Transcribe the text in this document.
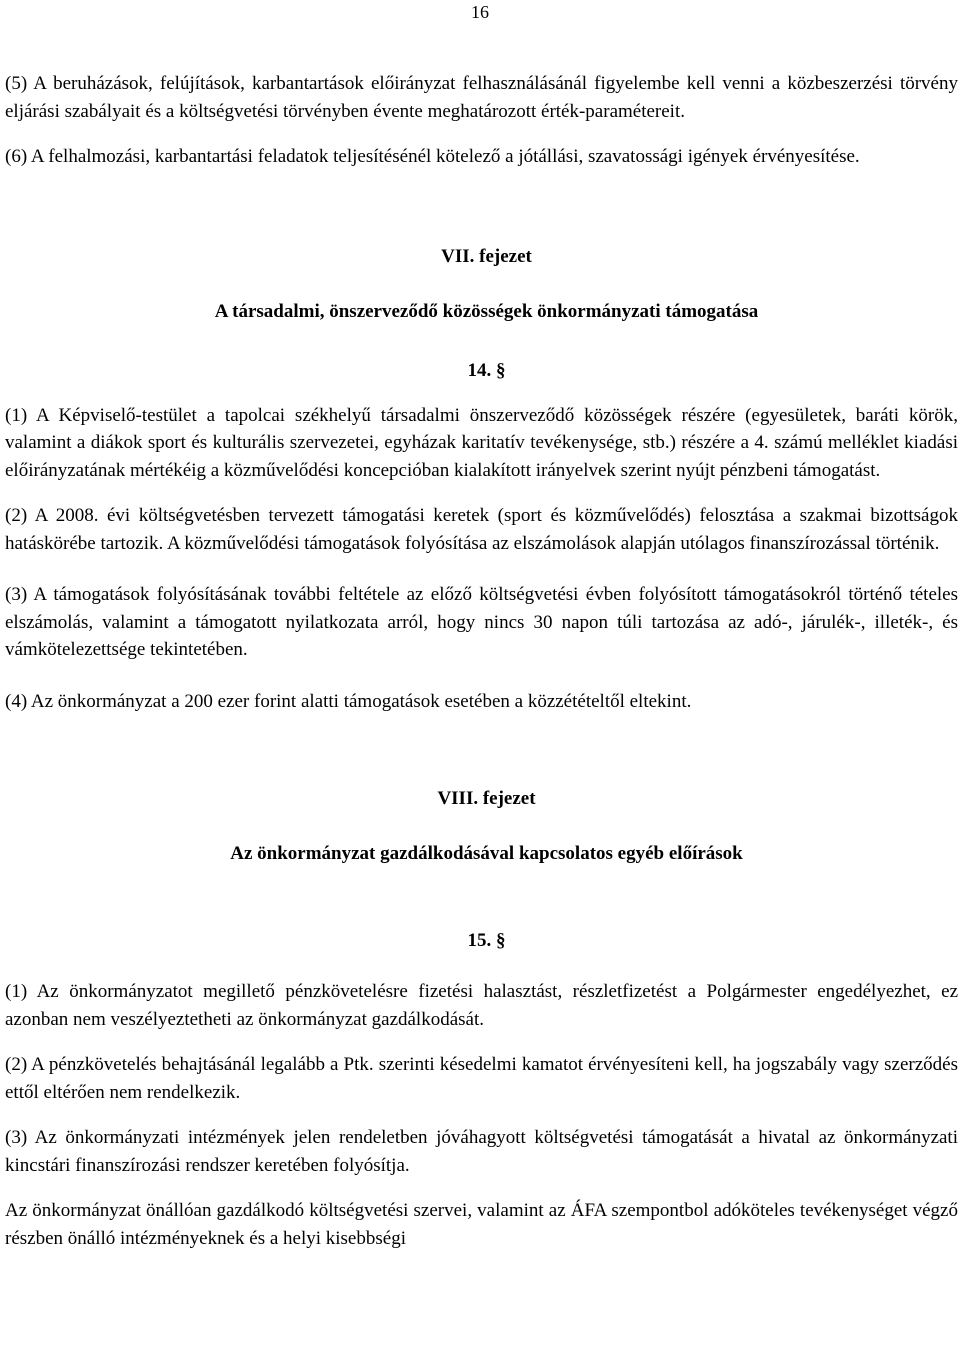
16

(5) A beruházások, felújítások, karbantartások előirányzat felhasználásánál figyelembe kell venni a közbeszerzési törvény eljárási szabályait és a költségvetési törvényben évente meghatározott érték-paramétereit.

(6) A felhalmozási, karbantartási feladatok teljesítésénél kötelező a jótállási, szavatossági igények érvényesítése.

VII. fejezet
A társadalmi, önszerveződő közösségek önkormányzati támogatása
14. §

(1) A Képviselő-testület a tapolcai székhelyű társadalmi önszerveződő közösségek részére (egyesületek, baráti körök, valamint a diákok sport és kulturális szervezetei, egyházak karitatív tevékenysége, stb.) részére a 4. számú melléklet kiadási előirányzatának mértékéig a közművelődési koncepcióban kialakított irányelvek szerint nyújt pénzbeni támogatást.

(2) A 2008. évi költségvetésben tervezett támogatási keretek (sport és közművelődés) felosztása a szakmai bizottságok hatáskörébe tartozik. A közművelődési támogatások folyósítása az elszámolások alapján utólagos finanszírozással történik.

(3) A támogatások folyósításának további feltétele az előző költségvetési évben folyósított támogatásokról történő tételes elszámolás, valamint a támogatott nyilatkozata arról, hogy nincs 30 napon túli tartozása az adó-, járulék-, illeték-, és vámkötelezettsége tekintetében.

(4) Az önkormányzat a 200 ezer forint alatti támogatások esetében a közzétételtől eltekint.

VIII. fejezet
Az önkormányzat gazdálkodásával kapcsolatos egyéb előírások
15. §

(1) Az önkormányzatot megillető pénzkövetelésre fizetési halasztást, részletfizetést a Polgármester engedélyezhet, ez azonban nem veszélyeztetheti az önkormányzat gazdálkodását.

(2) A pénzkövetelés behajtásánál legalább a Ptk. szerinti késedelmi kamatot érvényesíteni kell, ha jogszabály vagy szerződés ettől eltérően nem rendelkezik.

(3) Az önkormányzati intézmények jelen rendeletben jóváhagyott költségvetési támogatását a hivatal az önkormányzati kincstári finanszírozási rendszer keretében folyósítja.

Az önkormányzat önállóan gazdálkodó költségvetési szervei, valamint az ÁFA szempontbol adóköteles tevékenységet végző részben önálló intézményeknek és a helyi kisebbségi
